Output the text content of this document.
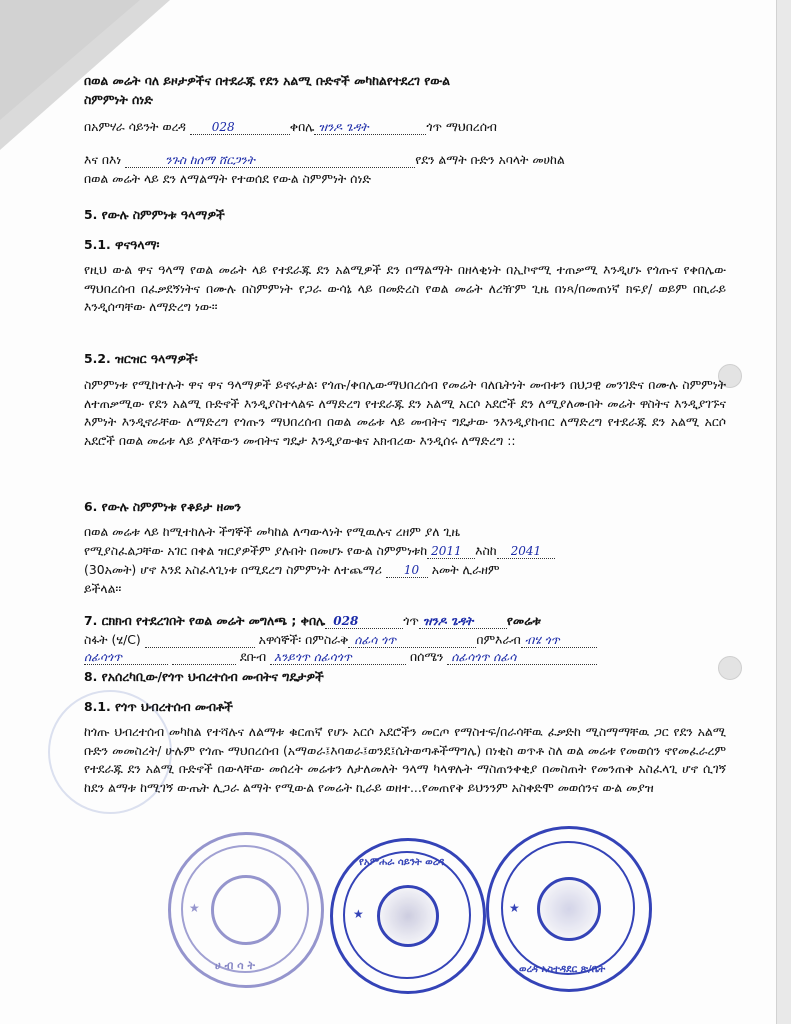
በወል መሬት ባለ ይዞታዎችና በተደራጁ የደን አልሚ ቡድኖች መካከልየተደረገ የውል
ስምምነት ሰነድ
በአምሃራ ሳይንት ወረዳ 028	ቀበሌ ዝንዶ ጌዳት	ጎጥ ማህበረሰብ
እና በእነ	ንጉስ ከሰማ ሸርጋንት	የደን ልማት ቡድን አባላት መሀከል
በወል መሬት ላይ ደን ለማልማት የተወሰደ የውል ስምምነት ሰነድ
5. የውሉ ስምምነቱ ዓላማዎች
5.1. ዋናዓላማ፡
የዚህ ውል ዋና ዓላማ የወል መሬት ላይ የተደራጁ ደን አልሚዎች ደን በማልማት በዘላቂነት በኢኮኖሚ ተጠቃሚ እንዲሆኑ የጎጡና የቀበሌው ማህበረሰብ በፈቃደኝነትና በሙሉ በስምምነት የጋራ ውሳኔ ላይ በመድረስ የወል መሬት ለረዥም ጊዜ በነጻ/በመጠነኛ ክፍያ/ ወይም በኪራይ እንዲሰጣቸው ለማድረግ ነው፡፡
5.2. ዝርዝር ዓላማዎች፡
ስምምነቱ የሚከተሉት ዋና ዋና ዓላማዎች ይኖሩታል፡ የጎጡ/ቀበሌውማህበረሰብ የመሬት ባለቤትነት መብቱን በህጋዊ መንገድና በሙሉ ስምምነት ለተጠቃሚው የደን አልሚ ቡድኖች እንዲያስተላልፍ ለማድረግ የተደራጁ ደን አልሚ አርሶ አደሮች ደን ለሚያለሙበት መሬት ዋስትና እንዲያገኙና እምነት እንዲኖራቸው ለማድረግ የጎጡን ማህበረሰብ በወል መሬቱ ላይ መብትና ግዴታው ንእንዲያከብር ለማድረግ የተደራጁ ደን አልሚ አርሶ አደሮች በወል መሬቱ ላይ ያላቸውን መብትና ግዴታ እንዲያውቁና አክብረው እንዲሰሩ ለማድረግ ::
6. የውሉ ስምምነቱ የቆይታ ዘመን
በወል መሬቱ ላይ ከሚተከሉት ችግኞች መካከል ለጣውላነት የሚዉሉና ረዘም ያለ ጊዜ
የሚያስፈልጋቸው አገር በቀል ዝርያዎችም ያሉበት በመሆኑ የውል ስምምነቱከ 2011	እስከ 2041
(30አመት) ሆኖ እንደ አስፈላጊነቱ በሚደረግ ስምምነት ለተጨማሪ 10	አመት ሊራዘም
ይችላል፡፡
7. ርክክብ የተደረገበት የወል መሬት መግለጫ ; ቀበሌ 028	ጎጥ ዝንዶ ጌዳት	የመሬቱ
ስፋት (ሄ/C)	አዋሳኞች፡ በምስራቅ ሰፊሳ ጎጥ	በምእራብ ብሄ ጎጥ
ሰፊሳጎጥ	ደቡብ እንይጎጥ ሰፊሳጎጥ	በሰሜን ሰፊሳጎጥ ሰፊሳ
8. የአሰረካቢው/የጎጥ ህብረተሰብ መብትና ግዴታዎች
8.1. የጎጥ ህብረተሰብ መብቶች
ከጎጡ ህብረተሰብ መካከል የተሻሉና ለልማቱ ቁርጠኛ የሆኑ አርሶ አደሮችን መርጦ የማስተፍ/በራሳቸዉ ፈቃድከ ሚስማማቸዉ ጋር የደን አልሚ ቡድን መመስረት/ ሁሉም የጎጡ ማህበረሰብ (አማወራ፤እባወራ፤ወንደ፤ሴትወጣቶችማግሌ) በነቂስ ወጥቶ ስለ ወል መሬቱ የመወሰን ኖየመፈራረም የተደራጁ ደን አልሚ ቡድኖች በውላቸው መሰረት መሬቱን ለታለመለት ዓላማ ካላዋሉት ማስጠንቀቂያ በመስጠት የመንጠቅ አስፈላጊ ሆኖ ሲገኝ ከደን ልማቱ ከሚገኝ ውጤት ሊጋራ ልማት የሚውል የመሬት ኪራይ ወዘተ...የመጠየቅ ይህንንም አስቀድሞ መወሰንና ውል መያዝ
★
ሀ ብ ሳ ት
★
የአምሐራ ሳይንት ወረዳ
★
ወረዳ አስተዳደር ጽ/ቤት
